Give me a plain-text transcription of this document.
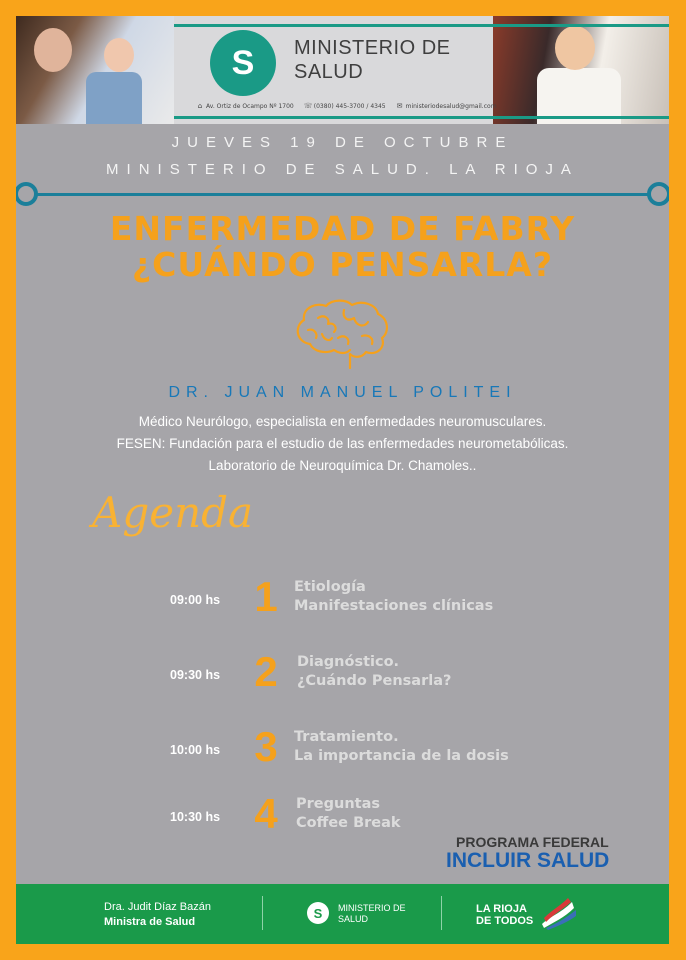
S	MINISTERIO DE
SALUD
⌂ Av. Ortiz de Ocampo Nº 1700 ☏(0380) 445-3700 / 4345 ✉ ministeriodesalud@gmail.com
JUEVES 19 DE OCTUBRE
MINISTERIO DE SALUD. LA RIOJA
ENFERMEDAD DE FABRY
¿CUÁNDO PENSARLA?
DR. JUAN MANUEL POLITEI
Médico Neurólogo, especialista en enfermedades neuromusculares.
FESEN: Fundación para el estudio de las enfermedades neurometabólicas.
Laboratorio de Neuroquímica Dr. Chamoles..
Agenda
09:00 hs 1	Etiología
Manifestaciones clínicas
09:30 hs 2	Diagnóstico.
¿Cuándo Pensarla?
10:00 hs 3	Tratamiento.
La importancia de la dosis
10:30 hs 4	Preguntas
Coffee Break
PROGRAMA FEDERAL
INCLUIR SALUD
Dra. Judit Díaz Bazán
Ministra de Salud
S	MINISTERIO DE
SALUD
LA RIOJA
DE TODOS
